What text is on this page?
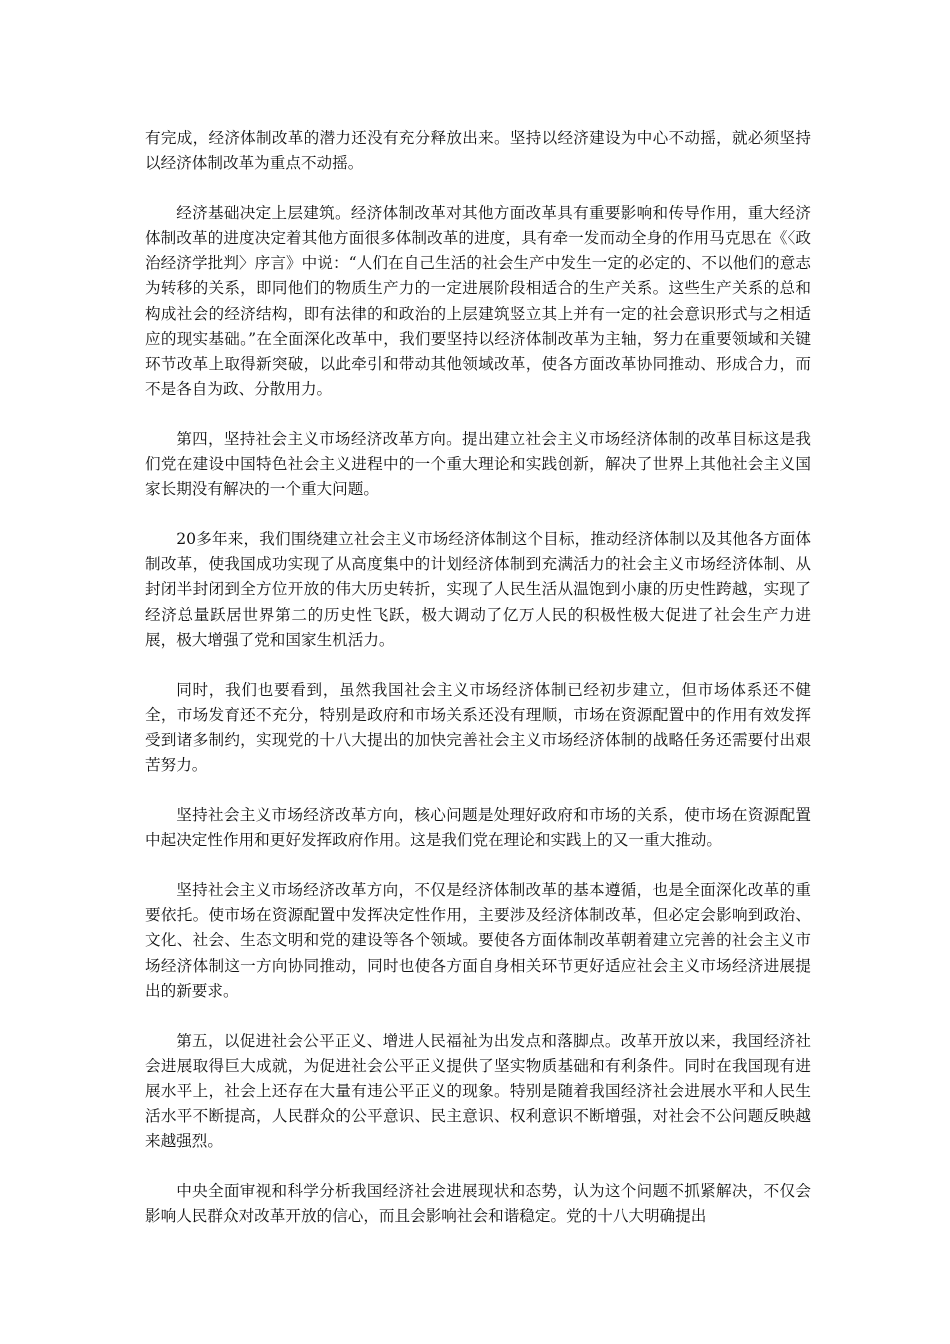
有完成，经济体制改革的潜力还没有充分释放出来。坚持以经济建设为中心不动摇，就必须坚持以经济体制改革为重点不动摇。

经济基础决定上层建筑。经济体制改革对其他方面改革具有重要影响和传导作用，重大经济体制改革的进度决定着其他方面很多体制改革的进度，具有牵一发而动全身的作用马克思在《〈政治经济学批判〉序言》中说：“人们在自己生活的社会生产中发生一定的必定的、不以他们的意志为转移的关系，即同他们的物质生产力的一定进展阶段相适合的生产关系。这些生产关系的总和构成社会的经济结构，即有法律的和政治的上层建筑竖立其上并有一定的社会意识形式与之相适应的现实基础。”在全面深化改革中，我们要坚持以经济体制改革为主轴，努力在重要领域和关键环节改革上取得新突破，以此牵引和带动其他领域改革，使各方面改革协同推动、形成合力，而不是各自为政、分散用力。

第四，坚持社会主义市场经济改革方向。提出建立社会主义市场经济体制的改革目标这是我们党在建设中国特色社会主义进程中的一个重大理论和实践创新，解决了世界上其他社会主义国家长期没有解决的一个重大问题。

20多年来，我们围绕建立社会主义市场经济体制这个目标，推动经济体制以及其他各方面体制改革，使我国成功实现了从高度集中的计划经济体制到充满活力的社会主义市场经济体制、从封闭半封闭到全方位开放的伟大历史转折，实现了人民生活从温饱到小康的历史性跨越，实现了经济总量跃居世界第二的历史性飞跃，极大调动了亿万人民的积极性极大促进了社会生产力进展，极大增强了党和国家生机活力。

同时，我们也要看到，虽然我国社会主义市场经济体制已经初步建立，但市场体系还不健全，市场发育还不充分，特别是政府和市场关系还没有理顺，市场在资源配置中的作用有效发挥受到诸多制约，实现党的十八大提出的加快完善社会主义市场经济体制的战略任务还需要付出艰苦努力。

坚持社会主义市场经济改革方向，核心问题是处理好政府和市场的关系，使市场在资源配置中起决定性作用和更好发挥政府作用。这是我们党在理论和实践上的又一重大推动。

坚持社会主义市场经济改革方向，不仅是经济体制改革的基本遵循，也是全面深化改革的重要依托。使市场在资源配置中发挥决定性作用，主要涉及经济体制改革，但必定会影响到政治、文化、社会、生态文明和党的建设等各个领域。要使各方面体制改革朝着建立完善的社会主义市场经济体制这一方向协同推动，同时也使各方面自身相关环节更好适应社会主义市场经济进展提出的新要求。

第五，以促进社会公平正义、增进人民福祉为出发点和落脚点。改革开放以来，我国经济社会进展取得巨大成就，为促进社会公平正义提供了坚实物质基础和有利条件。同时在我国现有进展水平上，社会上还存在大量有违公平正义的现象。特别是随着我国经济社会进展水平和人民生活水平不断提高，人民群众的公平意识、民主意识、权利意识不断增强，对社会不公问题反映越来越强烈。

中央全面审视和科学分析我国经济社会进展现状和态势，认为这个问题不抓紧解决，不仅会影响人民群众对改革开放的信心，而且会影响社会和谐稳定。党的十八大明确提出
